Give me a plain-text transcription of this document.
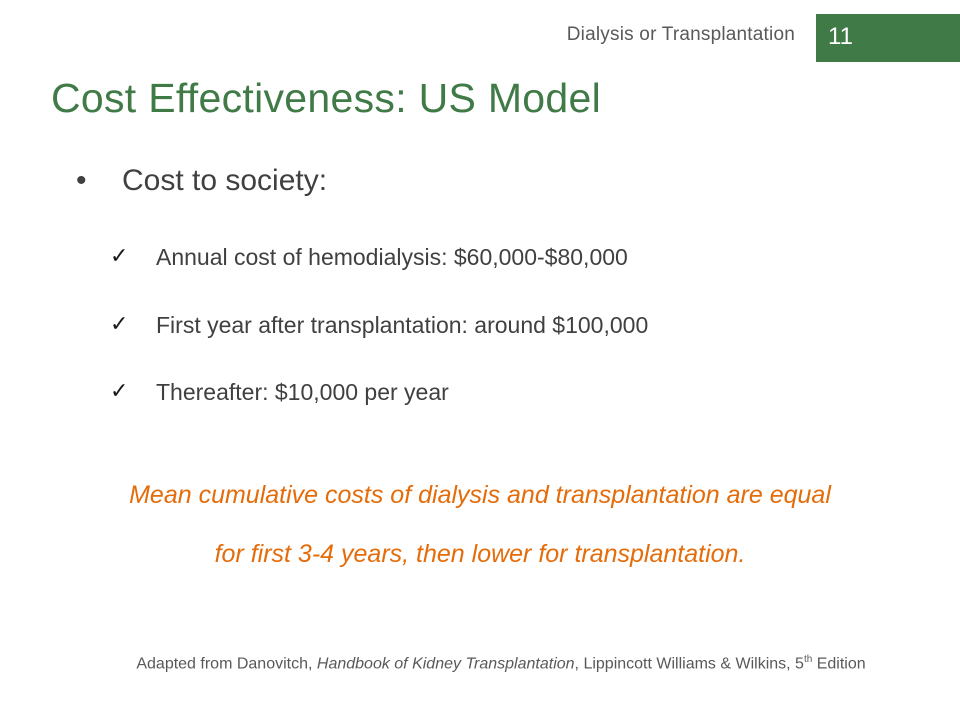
Dialysis or Transplantation 11
Cost Effectiveness: US Model
• Cost to society:
✓ Annual cost of hemodialysis: $60,000-$80,000
✓ First year after transplantation: around $100,000
✓ Thereafter: $10,000 per year
Mean cumulative costs of dialysis and transplantation are equal
for first 3-4 years, then lower for transplantation.
Adapted from Danovitch, Handbook of Kidney Transplantation, Lippincott Williams & Wilkins, 5th Edition
